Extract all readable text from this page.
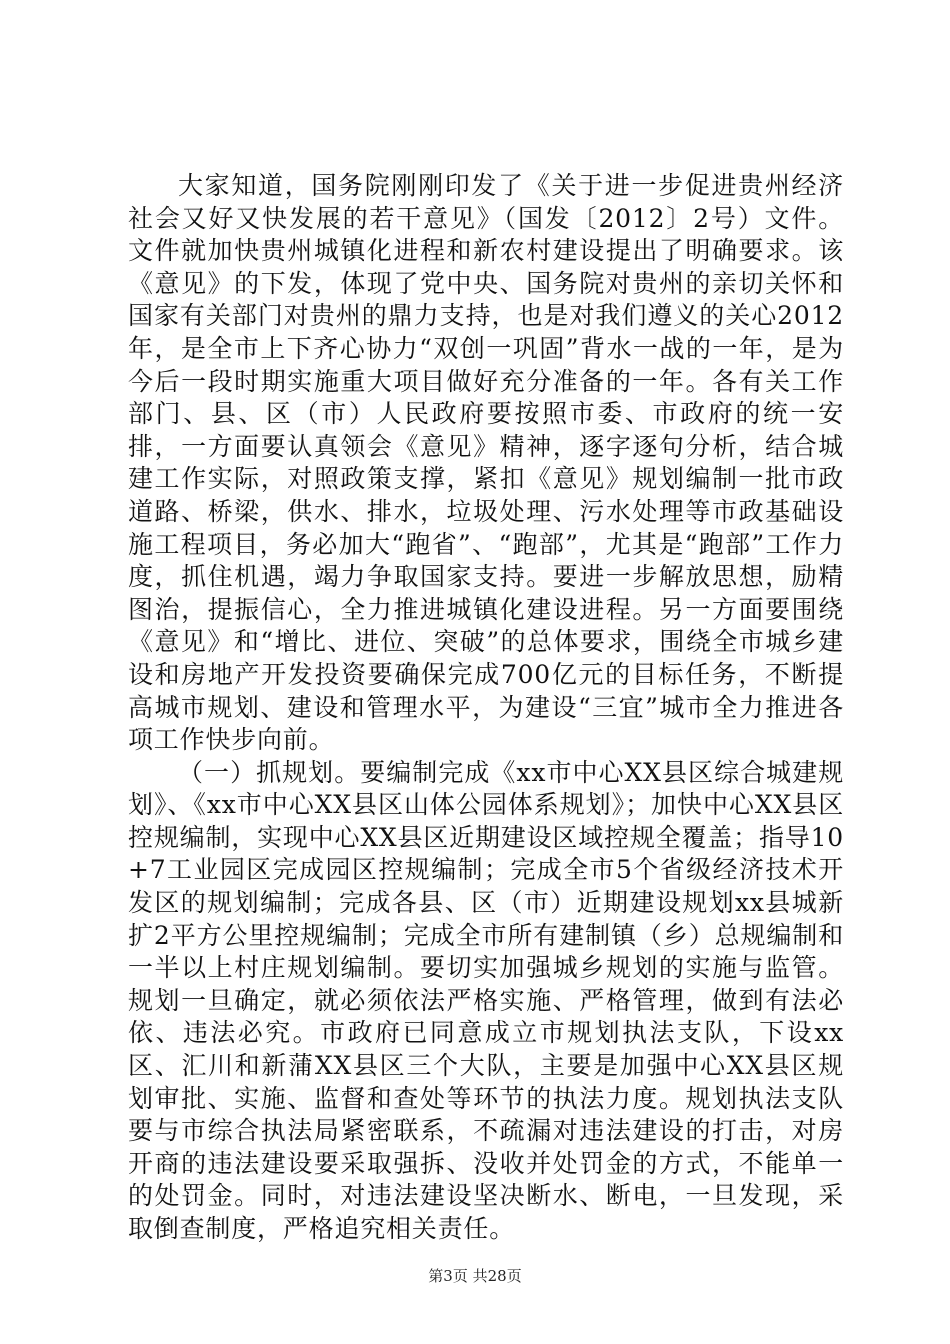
大家知道，国务院刚刚印发了《关于进一步促进贵州经济社会又好又快发展的若干意见》（国发〔2012〕2号）文件。文件就加快贵州城镇化进程和新农村建设提出了明确要求。该《意见》的下发，体现了党中央、国务院对贵州的亲切关怀和国家有关部门对贵州的鼎力支持，也是对我们遵义的关心2012年，是全市上下齐心协力“双创一巩固”背水一战的一年，是为今后一段时期实施重大项目做好充分准备的一年。各有关工作部门、县、区（市）人民政府要按照市委、市政府的统一安排，一方面要认真领会《意见》精神，逐字逐句分析，结合城建工作实际，对照政策支撑，紧扣《意见》规划编制一批市政道路、桥梁，供水、排水，垃圾处理、污水处理等市政基础设施工程项目，务必加大“跑省”、“跑部”，尤其是“跑部”工作力度，抓住机遇，竭力争取国家支持。要进一步解放思想，励精图治，提振信心，全力推进城镇化建设进程。另一方面要围绕《意见》和“增比、进位、突破”的总体要求，围绕全市城乡建设和房地产开发投资要确保完成700亿元的目标任务，不断提高城市规划、建设和管理水平，为建设“三宜”城市全力推进各项工作快步向前。

（一）抓规划。要编制完成《xx市中心XX县区综合城建规划》、《xx市中心XX县区山体公园体系规划》；加快中心XX县区控规编制，实现中心XX县区近期建设区域控规全覆盖；指导10+7工业园区完成园区控规编制；完成全市5个省级经济技术开发区的规划编制；完成各县、区（市）近期建设规划xx县城新扩2平方公里控规编制；完成全市所有建制镇（乡）总规编制和一半以上村庄规划编制。要切实加强城乡规划的实施与监管。规划一旦确定，就必须依法严格实施、严格管理，做到有法必依、违法必究。市政府已同意成立市规划执法支队，下设xx区、汇川和新蒲XX县区三个大队，主要是加强中心XX县区规划审批、实施、监督和查处等环节的执法力度。规划执法支队要与市综合执法局紧密联系，不疏漏对违法建设的打击，对房开商的违法建设要采取强拆、没收并处罚金的方式，不能单一的处罚金。同时，对违法建设坚决断水、断电，一旦发现，采取倒查制度，严格追究相关责任。

第3页 共28页
